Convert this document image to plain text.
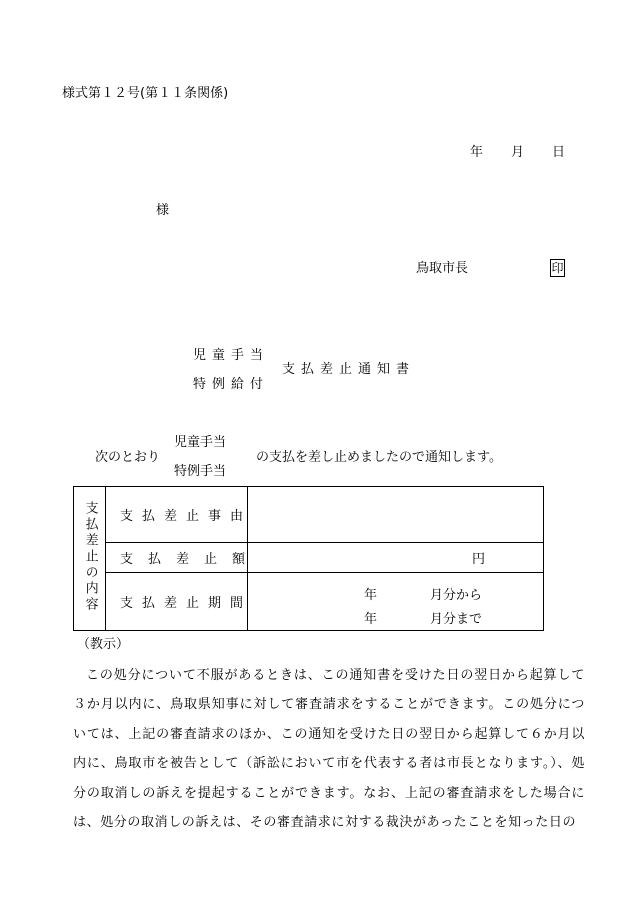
様式第１２号(第１１条関係)
年 月 日
様
鳥取市長	印
児童手当
特例給付
支払差止通知書
次のとおり
児童手当
特例手当
の支払を差し止めましたので通知します。
支払差止の内容	支払差止事由	
	支払差止額	円
	支払差止期間	年 月分から
年 月分まで
（教示）
この処分について不服があるときは、この通知書を受けた日の翌日から起算して３か月以内に、鳥取県知事に対して審査請求をすることができます。この処分については、上記の審査請求のほか、この通知を受けた日の翌日から起算して６か月以内に、鳥取市を被告として（訴訟において市を代表する者は市長となります。）、処分の取消しの訴えを提起することができます。なお、上記の審査請求をした場合には、処分の取消しの訴えは、その審査請求に対する裁決があったことを知った日の
